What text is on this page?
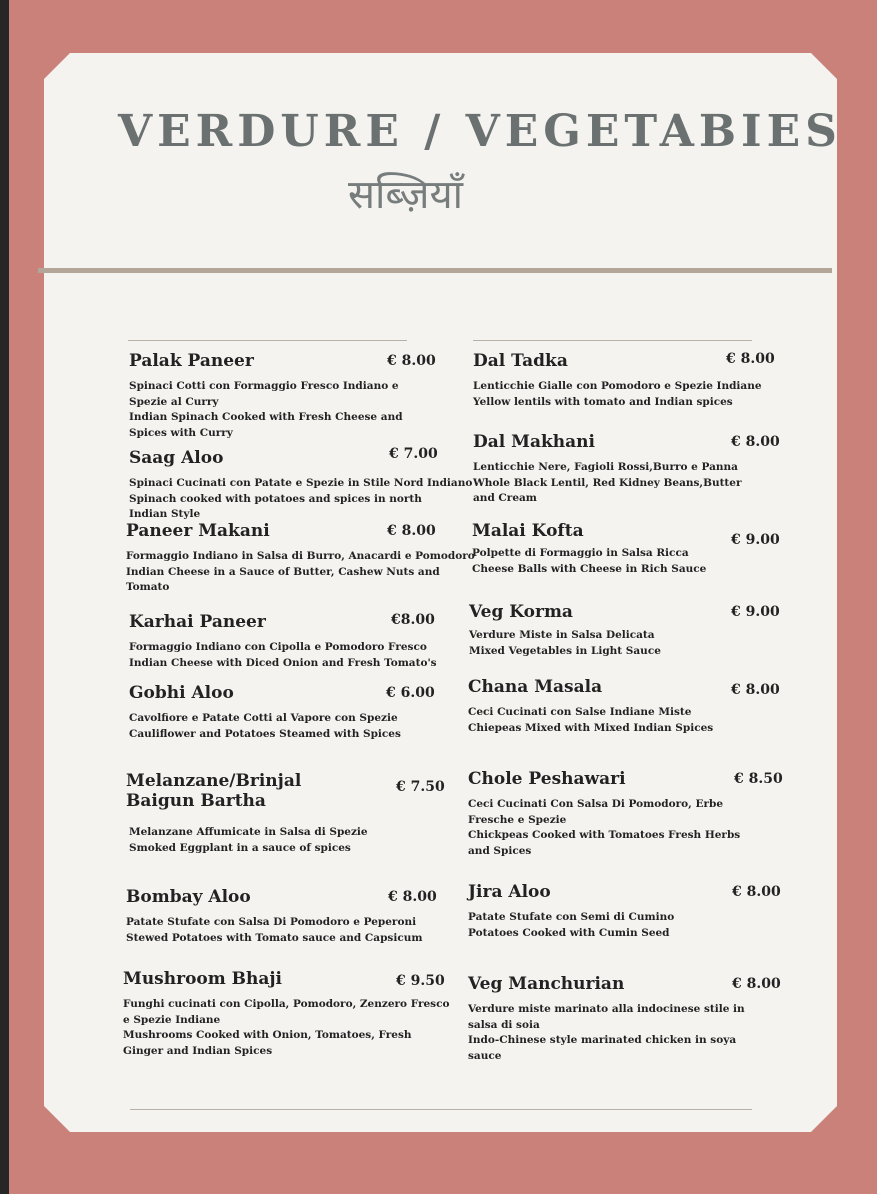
VERDURE / VEGETABIES
सब्ज़ियाँ
Palak Paneer	€ 8.00
Spinaci Cotti con Formaggio Fresco Indiano e
Spezie al Curry
Indian Spinach Cooked with Fresh Cheese and
Spices with Curry
Saag Aloo	€ 7.00
Spinaci Cucinati con Patate e Spezie in Stile Nord Indiano
Spinach cooked with potatoes and spices in north
Indian Style
Paneer Makani	€ 8.00
Formaggio Indiano in Salsa di Burro, Anacardi e Pomodoro
Indian Cheese in a Sauce of Butter, Cashew Nuts and
Tomato
Karhai Paneer	€8.00
Formaggio Indiano con Cipolla e Pomodoro Fresco
Indian Cheese with Diced Onion and Fresh Tomato's
Gobhi Aloo	€ 6.00
Cavolfiore e Patate Cotti al Vapore con Spezie
Cauliflower and Potatoes Steamed with Spices
Melanzane/Brinjal
Baigun Bartha
€ 7.50
Melanzane Affumicate in Salsa di Spezie
Smoked Eggplant in a sauce of spices
Bombay Aloo	€ 8.00
Patate Stufate con Salsa Di Pomodoro e Peperoni
Stewed Potatoes with Tomato sauce and Capsicum
Mushroom Bhaji	€ 9.50
Funghi cucinati con Cipolla, Pomodoro, Zenzero Fresco
e Spezie Indiane
Mushrooms Cooked with Onion, Tomatoes, Fresh
Ginger and Indian Spices
Dal Tadka	€ 8.00
Lenticchie Gialle con Pomodoro e Spezie Indiane
Yellow lentils with tomato and Indian spices
Dal Makhani	€ 8.00
Lenticchie Nere, Fagioli Rossi,Burro e Panna
Whole Black Lentil, Red Kidney Beans,Butter
and Cream
Malai Kofta	€ 9.00
Polpette di Formaggio in Salsa Ricca
Cheese Balls with Cheese in Rich Sauce
Veg Korma	€ 9.00
Verdure Miste in Salsa Delicata
Mixed Vegetables in Light Sauce
Chana Masala	€ 8.00
Ceci Cucinati con Salse Indiane Miste
Chiepeas Mixed with Mixed Indian Spices
Chole Peshawari	€ 8.50
Ceci Cucinati Con Salsa Di Pomodoro, Erbe
Fresche e Spezie
Chickpeas Cooked with Tomatoes Fresh Herbs
and Spices
Jira Aloo	€ 8.00
Patate Stufate con Semi di Cumino
Potatoes Cooked with Cumin Seed
Veg Manchurian	€ 8.00
Verdure miste marinato alla indocinese stile in
salsa di soia
Indo-Chinese style marinated chicken in soya
sauce
